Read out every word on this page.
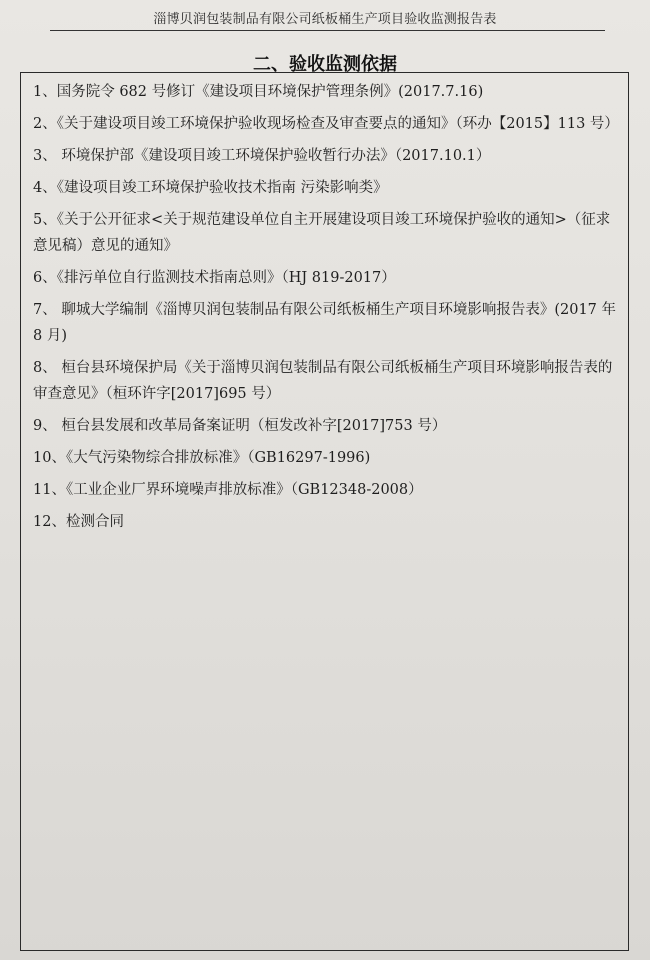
淄博贝润包装制品有限公司纸板桶生产项目验收监测报告表
二、验收监测依据
1、国务院令 682 号修订《建设项目环境保护管理条例》(2017.7.16)
2、《关于建设项目竣工环境保护验收现场检查及审查要点的通知》（环办【2015】113 号）
3、 环境保护部《建设项目竣工环境保护验收暂行办法》（2017.10.1）
4、《建设项目竣工环境保护验收技术指南 污染影响类》
5、《关于公开征求<关于规范建设单位自主开展建设项目竣工环境保护验收的通知>（征求意见稿）意见的通知》
6、《排污单位自行监测技术指南总则》（HJ 819-2017）
7、 聊城大学编制《淄博贝润包装制品有限公司纸板桶生产项目环境影响报告表》(2017 年 8 月)
8、 桓台县环境保护局《关于淄博贝润包装制品有限公司纸板桶生产项目环境影响报告表的审查意见》（桓环许字[2017]695 号）
9、 桓台县发展和改革局备案证明（桓发改补字[2017]753 号）
10、《大气污染物综合排放标准》（GB16297-1996)
11、《工业企业厂界环境噪声排放标准》（GB12348-2008）
12、检测合同
